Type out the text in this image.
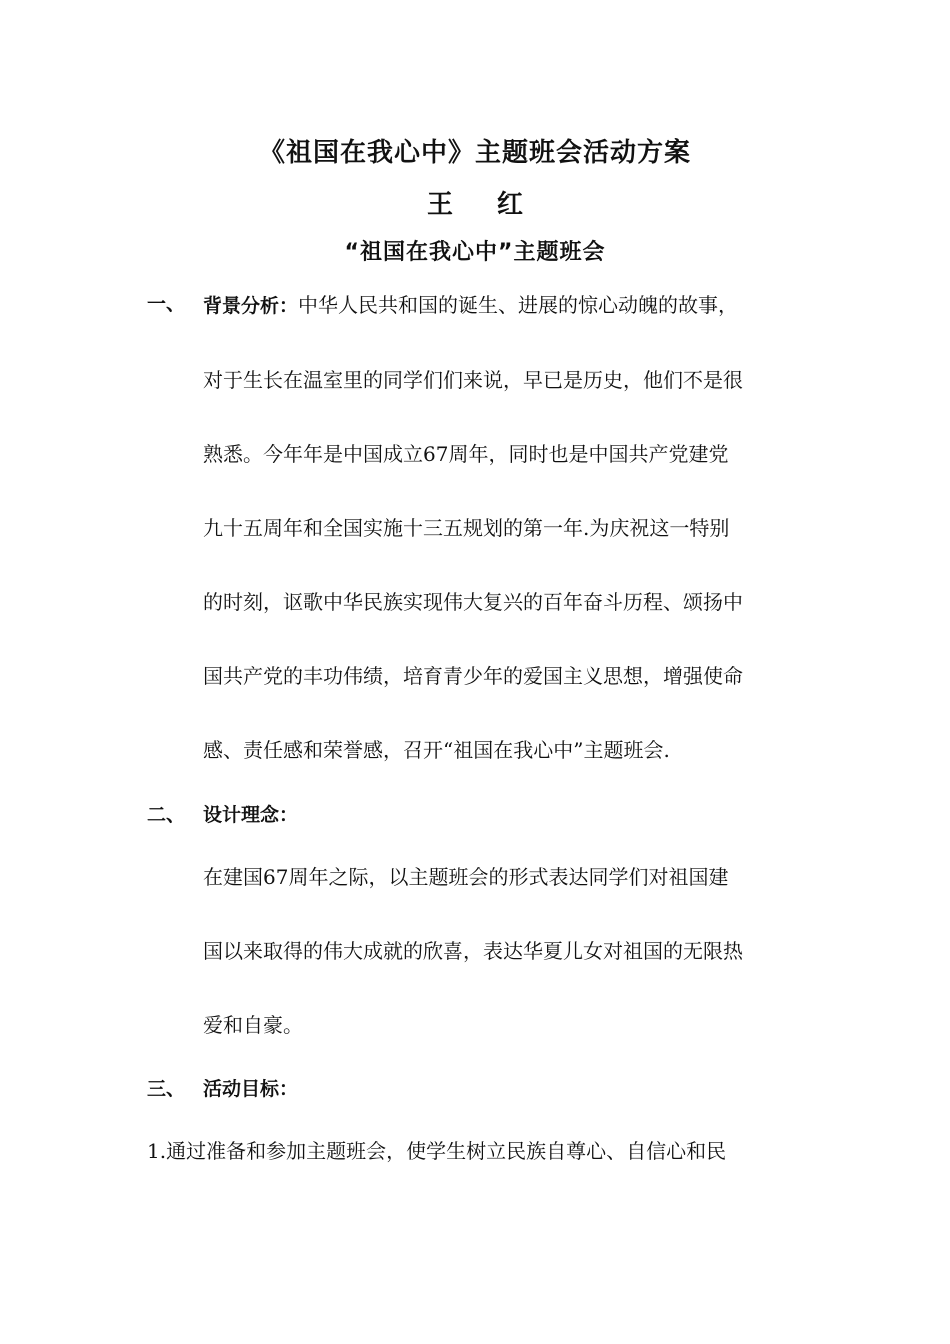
《祖国在我心中》主题班会活动方案
王 红
“祖国在我心中”主题班会
一、 背景分析：中华人民共和国的诞生、进展的惊心动魄的故事，
对于生长在温室里的同学们们来说，早已是历史，他们不是很
熟悉。今年年是中国成立67周年，同时也是中国共产党建党
九十五周年和全国实施十三五规划的第一年.为庆祝这一特别
的时刻，讴歌中华民族实现伟大复兴的百年奋斗历程、颂扬中
国共产党的丰功伟绩，培育青少年的爱国主义思想，增强使命
感、责任感和荣誉感，召开“祖国在我心中”主题班会.
二、 设计理念：
在建国67周年之际，以主题班会的形式表达同学们对祖国建
国以来取得的伟大成就的欣喜，表达华夏儿女对祖国的无限热
爱和自豪。
三、 活动目标：
1.通过准备和参加主题班会，使学生树立民族自尊心、自信心和民
